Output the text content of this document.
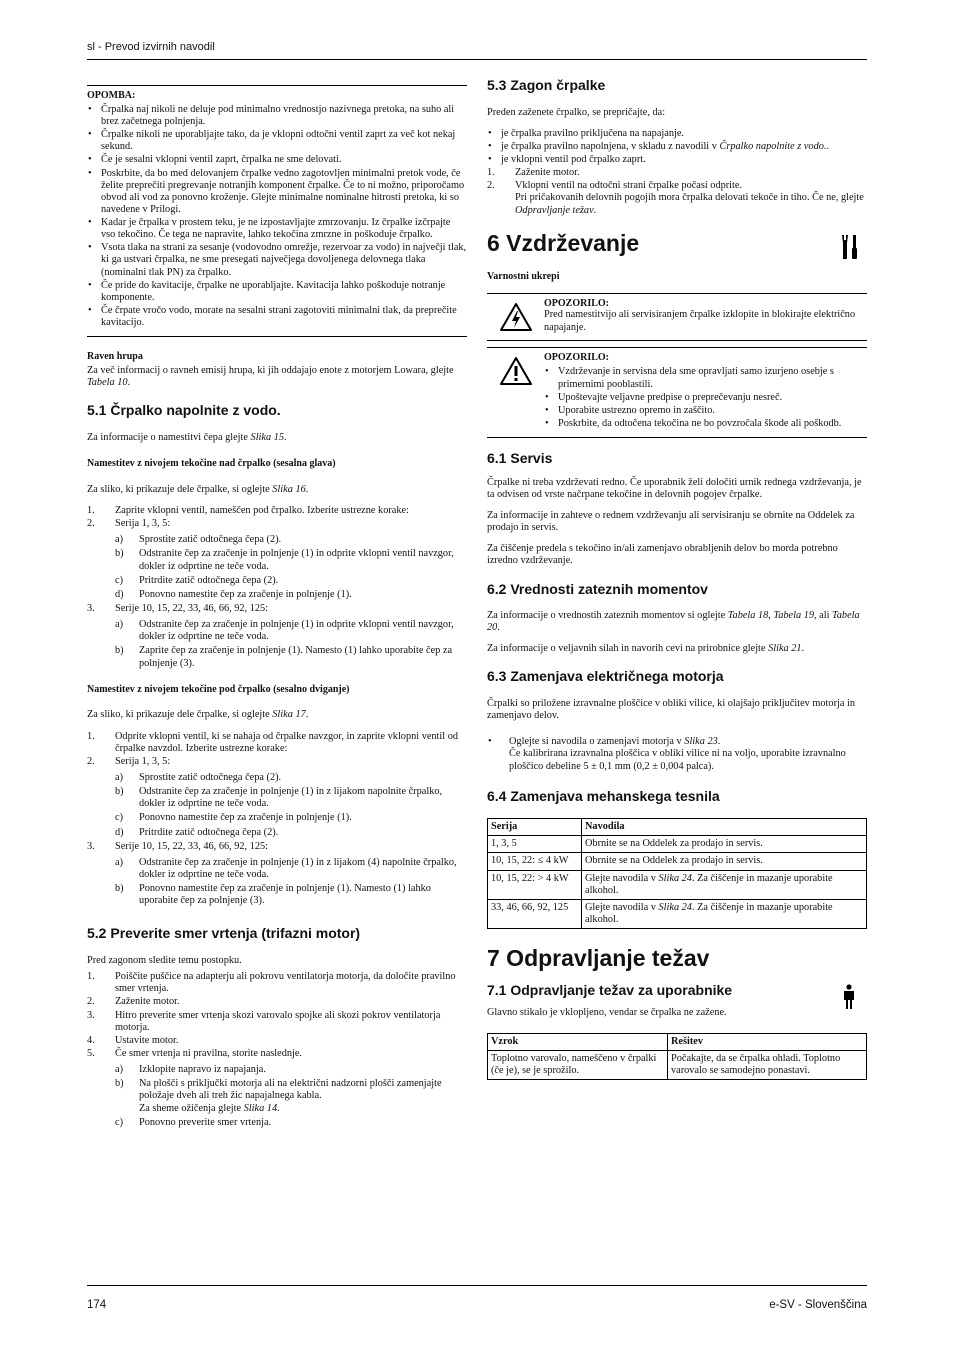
sl - Prevod izvirnih navodil
OPOMBA:
• Črpalka naj nikoli ne deluje pod minimalno vrednostjo nazivnega pretoka, na suho ali brez začetnega polnjenja.
• Črpalke nikoli ne uporabljajte tako, da je vklopni odtočni ventil zaprt za več kot nekaj sekund.
• Če je sesalni vklopni ventil zaprt, črpalka ne sme delovati.
• Poskrbite, da bo med delovanjem črpalke vedno zagotovljen minimalni pretok vode, če želite preprečiti pregrevanje notranjih komponent črpalke. Če to ni možno, priporočamo obvod ali vod za ponovno kroženje. Glejte minimalne nominalne hitrosti pretoka, ki so navedene v Prilogi.
• Kadar je črpalka v prostem teku, je ne izpostavljajte zmrzovanju. Iz črpalke izčrpajte vso tekočino. Če tega ne napravite, lahko tekočina zmrzne in poškoduje črpalko.
• Vsota tlaka na strani za sesanje (vodovodno omrežje, rezervoar za vodo) in največji tlak, ki ga ustvari črpalka, ne sme presegati največjega dovoljenega delovnega tlaka (nominalni tlak PN) za črpalko.
• Če pride do kavitacije, črpalke ne uporabljajte. Kavitacija lahko poškoduje notranje komponente.
• Če črpate vročo vodo, morate na sesalni strani zagotoviti minimalni tlak, da preprečite kavitacijo.
Raven hrupa
Za več informacij o ravneh emisij hrupa, ki jih oddajajo enote z motorjem Lowara, glejte Tabela 10.
5.1 Črpalko napolnite z vodo.
Za informacije o namestitvi čepa glejte Slika 15.
Namestitev z nivojem tekočine nad črpalko (sesalna glava)
Za sliko, ki prikazuje dele črpalke, si oglejte Slika 16.
1. Zaprite vklopni ventil, nameščen pod črpalko. Izberite ustrezne korake:
2. Serija 1, 3, 5:
a) Sprostite zatič odtočnega čepa (2).
b) Odstranite čep za zračenje in polnjenje (1) in odprite vklopni ventil navzgor, dokler iz odprtine ne teče voda.
c) Pritrdite zatič odtočnega čepa (2).
d) Ponovno namestite čep za zračenje in polnjenje (1).
3. Serije 10, 15, 22, 33, 46, 66, 92, 125:
a) Odstranite čep za zračenje in polnjenje (1) in odprite vklopni ventil navzgor, dokler iz odprtine ne teče voda.
b) Zaprite čep za zračenje in polnjenje (1). Namesto (1) lahko uporabite čep za polnjenje (3).
Namestitev z nivojem tekočine pod črpalko (sesalno dviganje)
Za sliko, ki prikazuje dele črpalke, si oglejte Slika 17.
1. Odprite vklopni ventil, ki se nahaja od črpalke navzgor, in zaprite vklopni ventil od črpalke navzdol. Izberite ustrezne korake:
2. Serija 1, 3, 5:
a) Sprostite zatič odtočnega čepa (2).
b) Odstranite čep za zračenje in polnjenje (1) in z lijakom napolnite črpalko, dokler iz odprtine ne teče voda.
c) Ponovno namestite čep za zračenje in polnjenje (1).
d) Pritrdite zatič odtočnega čepa (2).
3. Serije 10, 15, 22, 33, 46, 66, 92, 125:
a) Odstranite čep za zračenje in polnjenje (1) in z lijakom (4) napolnite črpalko, dokler iz odprtine ne teče voda.
b) Ponovno namestite čep za zračenje in polnjenje (1). Namesto (1) lahko uporabite čep za polnjenje (3).
5.2 Preverite smer vrtenja (trifazni motor)
Pred zagonom sledite temu postopku.
1. Poiščite puščice na adapterju ali pokrovu ventilatorja motorja, da določite pravilno smer vrtenja.
2. Zaženite motor.
3. Hitro preverite smer vrtenja skozi varovalo spojke ali skozi pokrov ventilatorja motorja.
4. Ustavite motor.
5. Če smer vrtenja ni pravilna, storite naslednje.
a) Izklopite napravo iz napajanja.
b) Na plošči s priključki motorja ali na električni nadzorni plošči zamenjajte položaje dveh ali treh žic napajalnega kabla.
Za sheme ožičenja glejte Slika 14.
c) Ponovno preverite smer vrtenja.
5.3 Zagon črpalke
Preden zaženete črpalko, se prepričajte, da:
• je črpalka pravilno priključena na napajanje.
• je črpalka pravilno napolnjena, v skladu z navodili v Črpalko napolnite z vodo..
• je vklopni ventil pod črpalko zaprt.
1. Zaženite motor.
2. Vklopni ventil na odtočni strani črpalke počasi odprite.
Pri pričakovanih delovnih pogojih mora črpalka delovati tekoče in tiho. Če ne, glejte Odpravljanje težav.
6 Vzdrževanje
Varnostni ukrepi
OPOZORILO:
Pred namestitvijo ali servisiranjem črpalke izklopite in blokirajte električno napajanje.
OPOZORILO:
• Vzdrževanje in servisna dela sme opravljati samo izurjeno osebje s primernimi pooblastili.
• Upoštevajte veljavne predpise o preprečevanju nesreč.
• Uporabite ustrezno opremo in zaščito.
• Poskrbite, da odtočena tekočina ne bo povzročala škode ali poškodb.
6.1 Servis
Črpalke ni treba vzdrževati redno. Če uporabnik želi določiti urnik rednega vzdrževanja, je ta odvisen od vrste načrpane tekočine in delovnih pogojev črpalke.
Za informacije in zahteve o rednem vzdrževanju ali servisiranju se obrnite na Oddelek za prodajo in servis.
Za čiščenje predela s tekočino in/ali zamenjavo obrabljenih delov bo morda potrebno izredno vzdrževanje.
6.2 Vrednosti zateznih momentov
Za informacije o vrednostih zateznih momentov si oglejte Tabela 18, Tabela 19, ali Tabela 20.
Za informacije o veljavnih silah in navorih cevi na prirobnice glejte Slika 21.
6.3 Zamenjava električnega motorja
Črpalki so priložene izravnalne ploščice v obliki vilice, ki olajšajo priključitev motorja in zamenjavo delov.
• Oglejte si navodila o zamenjavi motorja v Slika 23.
Če kalibrirana izravnalna ploščica v obliki vilice ni na voljo, uporabite izravnalno ploščico debeline 5 ± 0,1 mm (0,2 ± 0,004 palca).
6.4 Zamenjava mehanskega tesnila
Serija	Navodila
1, 3, 5	Obrnite se na Oddelek za prodajo in servis.
10, 15, 22: ≤ 4 kW	Obrnite se na Oddelek za prodajo in servis.
10, 15, 22: > 4 kW	Glejte navodila v Slika 24. Za čiščenje in mazanje uporabite alkohol.
33, 46, 66, 92, 125	Glejte navodila v Slika 24. Za čiščenje in mazanje uporabite alkohol.
7 Odpravljanje težav
7.1 Odpravljanje težav za uporabnike
Glavno stikalo je vklopljeno, vendar se črpalka ne zažene.
Vzrok	Rešitev
Toplotno varovalo, nameščeno v črpalki (če je), se je sprožilo.	Počakajte, da se črpalka ohladi. Toplotno varovalo se samodejno ponastavi.
174	e-SV - Slovenščina
